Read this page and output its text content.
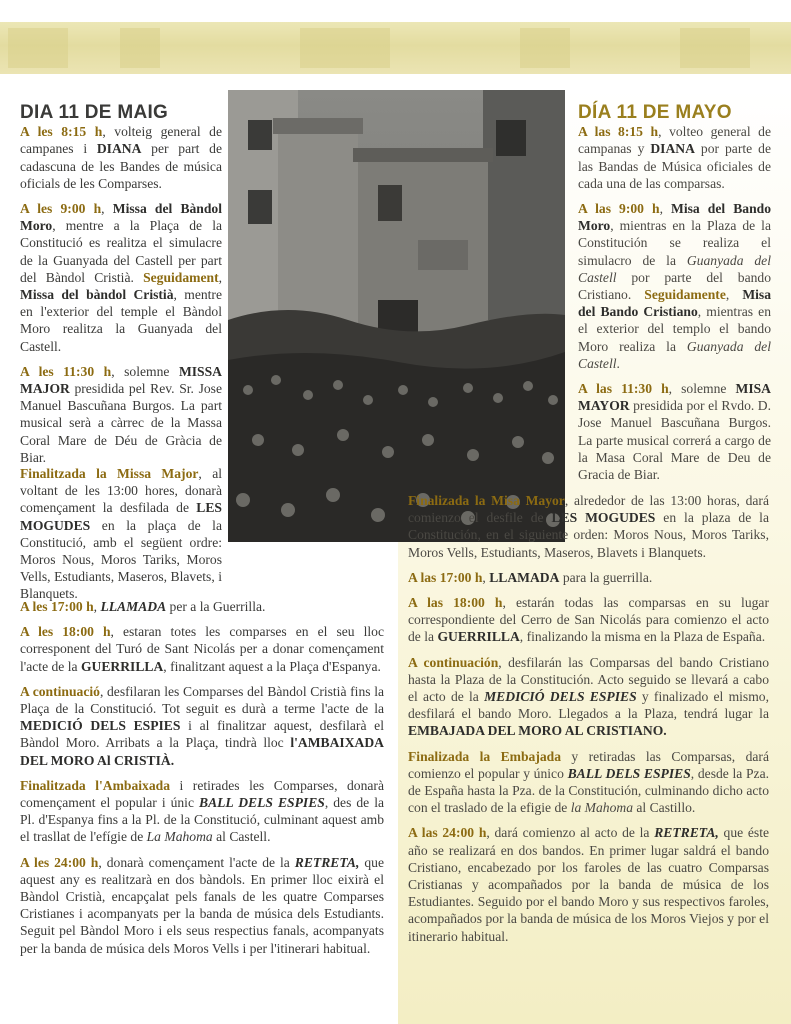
DIA 11 DE MAIG

A les 8:15 h, volteig general de campanes i DIANA per part de cadascuna de les Bandes de música oficials de les Comparses.

A les 9:00 h, Missa del Bàndol Moro, mentre a la Plaça de la Constitució es realitza el simulacre de la Guanyada del Castell per part del Bàndol Cristià. Seguidament, Missa del bàndol Cristià, mentre en l'exterior del temple el Bàndol Moro realitza la Guanyada del Castell.

A les 11:30 h, solemne MISSA MAJOR presidida pel Rev. Sr. Jose Manuel Bascuñana Burgos. La part musical serà a càrrec de la Massa Coral Mare de Déu de Gràcia de Biar.

Finalitzada la Missa Major, al voltant de les 13:00 hores, donarà començament la desfilada de LES MOGUDES en la plaça de la Constitució, amb el següent ordre: Moros Nous, Moros Tariks, Moros Vells, Estudiants, Maseros, Blavets, i Blanquets.

A les 17:00 h, LLAMADA per a la Guerrilla.

A les 18:00 h, estaran totes les comparses en el seu lloc corresponent del Turó de Sant Nicolás per a donar començament l'acte de la GUERRILLA, finalitzant aquest a la Plaça d'Espanya.

A continuació, desfilaran les Comparses del Bàndol Cristià fins la Plaça de la Constitució. Tot seguit es durà a terme l'acte de la MEDICIÓ DELS ESPIES i al finalitzar aquest, desfilarà el Bàndol Moro. Arribats a la Plaça, tindrà lloc l'AMBAIXADA DEL MORO Al CRISTIÀ.

Finalitzada l'Ambaixada i retirades les Comparses, donarà començament el popular i únic BALL DELS ESPIES, des de la Pl. d'Espanya fins a la Pl. de la Constitució, culminant aquest amb el trasllat de l'efígie de La Mahoma al Castell.

A les 24:00 h, donarà començament l'acte de la RETRETA, que aquest any es realitzarà en dos bàndols. En primer lloc eixirà el Bàndol Cristià, encapçalat pels fanals de les quatre Comparses Cristianes i acompanyats per la banda de música dels Estudiants. Seguit pel Bàndol Moro i els seus respectius fanals, acompanyats per la banda de música dels Moros Vells i per l'itinerari habitual.

DÍA 11 DE MAYO

A las 8:15 h, volteo general de campanas y DIANA por parte de las Bandas de Música oficiales de cada una de las comparsas.

A las 9:00 h, Misa del Bando Moro, mientras en la Plaza de la Constitución se realiza el simulacro de la Guanyada del Castell por parte del bando Cristiano. Seguidamente, Misa del Bando Cristiano, mientras en el exterior del templo el bando Moro realiza la Guanyada del Castell.

A las 11:30 h, solemne MISA MAYOR presidida por el Rvdo. D. Jose Manuel Bascuñana Burgos. La parte musical correrá a cargo de la Masa Coral Mare de Deu de Gracia de Biar.

Finalizada la Misa Mayor, alrededor de las 13:00 horas, dará comienzo el desfile de LES MOGUDES en la plaza de la Constitución, en el siguiente orden: Moros Nous, Moros Tariks, Moros Vells, Estudiants, Maseros, Blavets i Blanquets.

A las 17:00 h, LLAMADA para la guerrilla.

A las 18:00 h, estarán todas las comparsas en su lugar correspondiente del Cerro de San Nicolás para comienzo el acto de la GUERRILLA, finalizando la misma en la Plaza de España.

A continuación, desfilarán las Comparsas del bando Cristiano hasta la Plaza de la Constitución. Acto seguido se llevará a cabo el acto de la MEDICIÓ DELS ESPIES y finalizado el mismo, desfilará el bando Moro. Llegados a la Plaza, tendrá lugar la EMBAJADA DEL MORO AL CRISTIANO.

Finalizada la Embajada y retiradas las Comparsas, dará comienzo el popular y único BALL DELS ESPIES, desde la Pza. de España hasta la Pza. de la Constitución, culminando dicho acto con el traslado de la efigie de la Mahoma al Castillo.

A las 24:00 h, dará comienzo al acto de la RETRETA, que éste año se realizará en dos bandos. En primer lugar saldrá el bando Cristiano, encabezado por los faroles de las cuatro Comparsas Cristianas y acompañados por la banda de música de los Estudiantes. Seguido por el bando Moro y sus respectivos faroles, acompañados por la banda de música de los Moros Viejos y por el itinerario habitual.
